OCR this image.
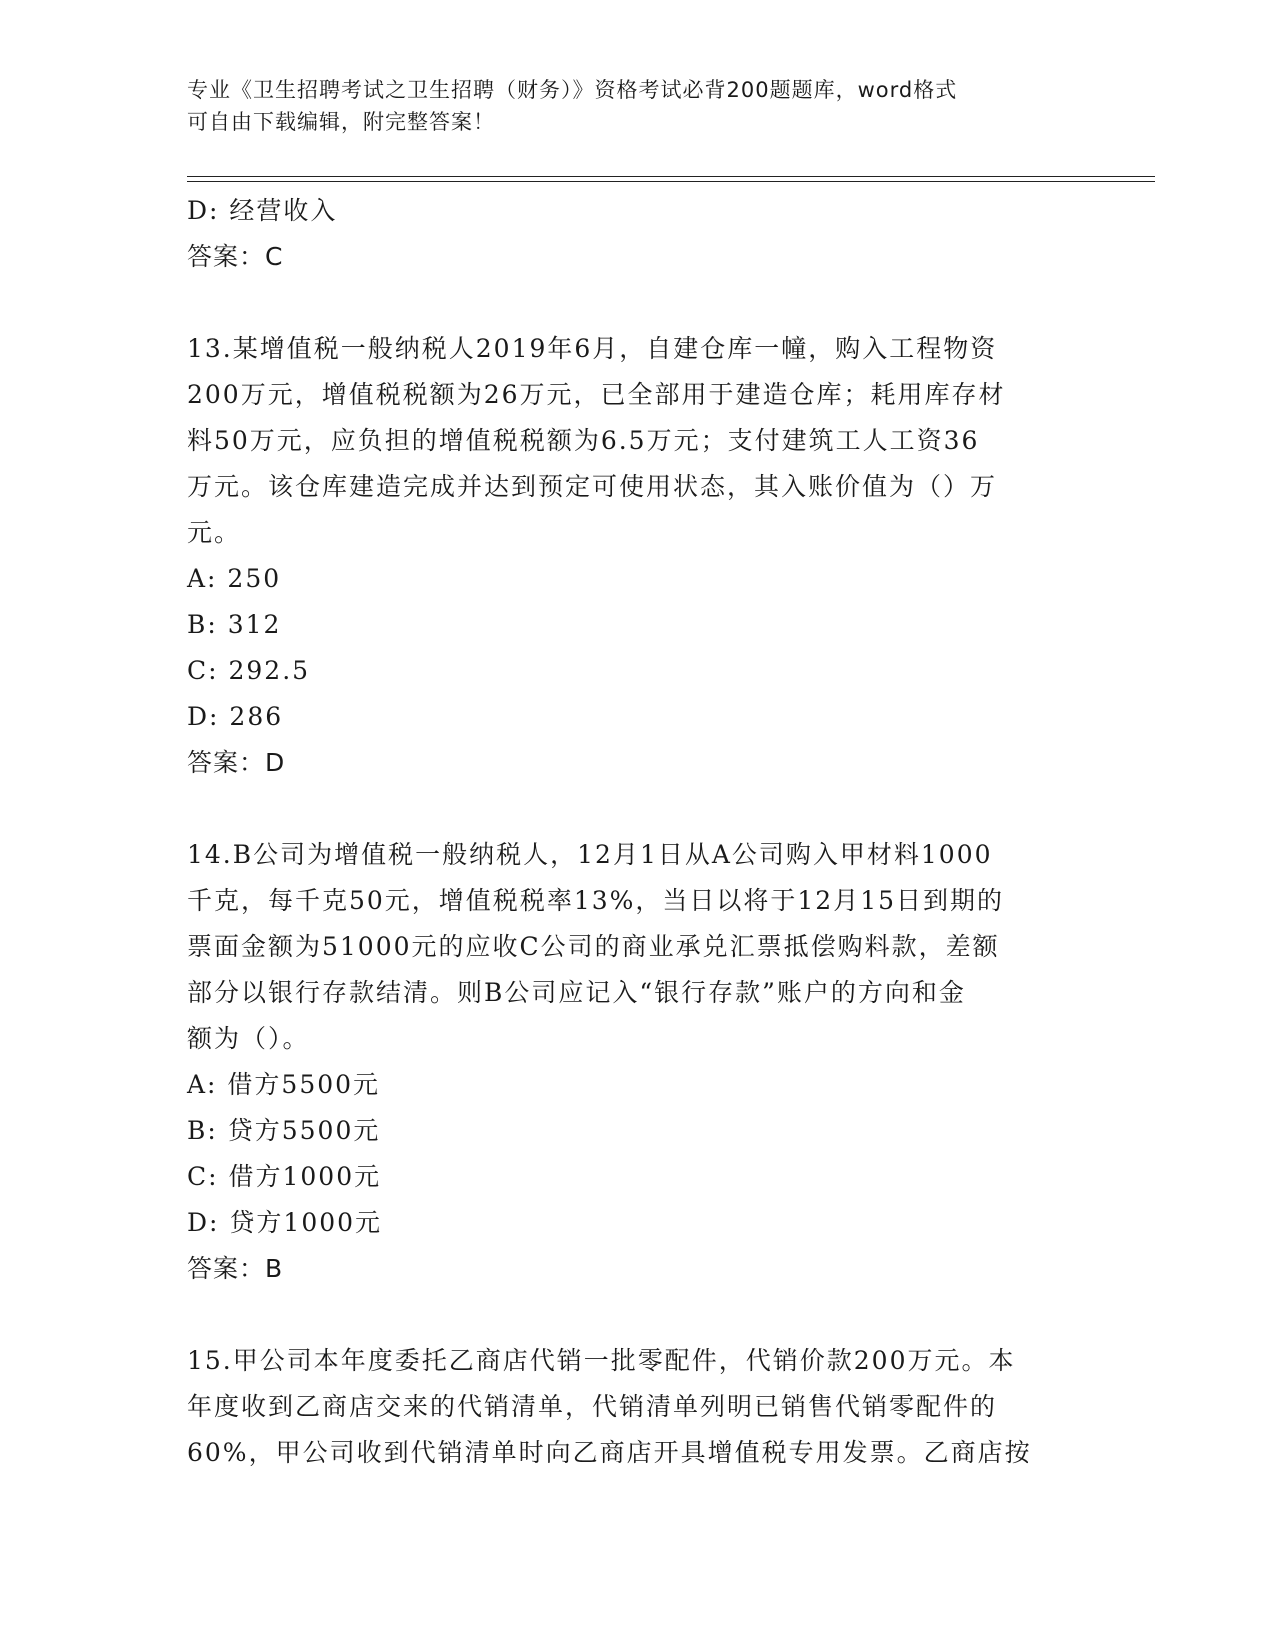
专业《卫生招聘考试之卫生招聘（财务）》资格考试必背200题题库，word格式
可自由下载编辑，附完整答案！

D: 经营收入

答案：C

13.某增值税一般纳税人2019年6月，自建仓库一幢，购入工程物资

200万元，增值税税额为26万元，已全部用于建造仓库；耗用库存材

料50万元，应负担的增值税税额为6.5万元；支付建筑工人工资36

万元。该仓库建造完成并达到预定可使用状态，其入账价值为（）万

元。

A: 250

B: 312

C: 292.5

D: 286

答案：D

14.B公司为增值税一般纳税人，12月1日从A公司购入甲材料1000

千克，每千克50元，增值税税率13%，当日以将于12月15日到期的

票面金额为51000元的应收C公司的商业承兑汇票抵偿购料款，差额

部分以银行存款结清。则B公司应记入“银行存款”账户的方向和金

额为（）。

A: 借方5500元

B: 贷方5500元

C: 借方1000元

D: 贷方1000元

答案：B

15.甲公司本年度委托乙商店代销一批零配件，代销价款200万元。本

年度收到乙商店交来的代销清单，代销清单列明已销售代销零配件的

60%，甲公司收到代销清单时向乙商店开具增值税专用发票。乙商店按
